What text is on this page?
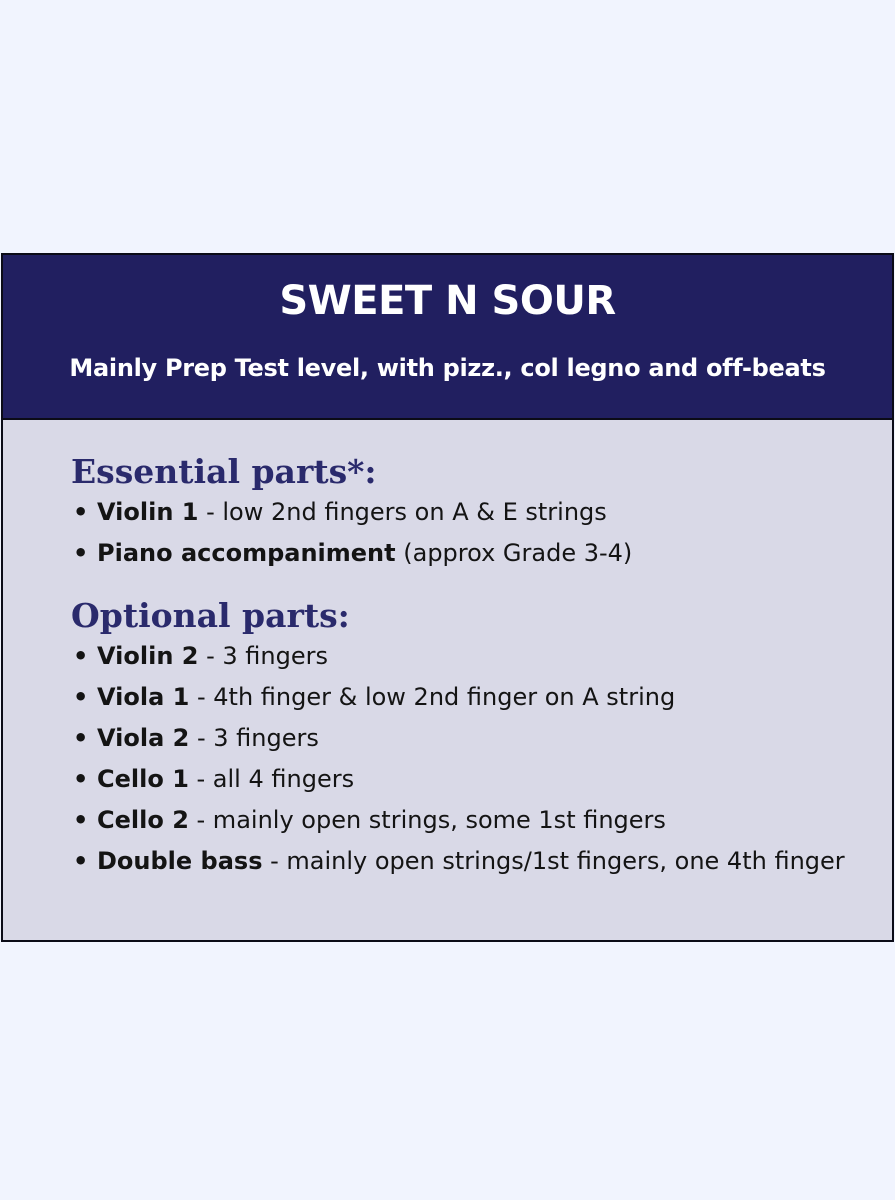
SWEET N SOUR
Mainly Prep Test level, with pizz., col legno and off-beats
Essential parts*:
• Violin 1 - low 2nd fingers on A & E strings
• Piano accompaniment (approx Grade 3-4)
Optional parts:
• Violin 2 - 3 fingers
• Viola 1 - 4th finger & low 2nd finger on A string
• Viola 2 - 3 fingers
• Cello 1 - all 4 fingers
• Cello 2 - mainly open strings, some 1st fingers
• Double bass - mainly open strings/1st fingers, one 4th finger
